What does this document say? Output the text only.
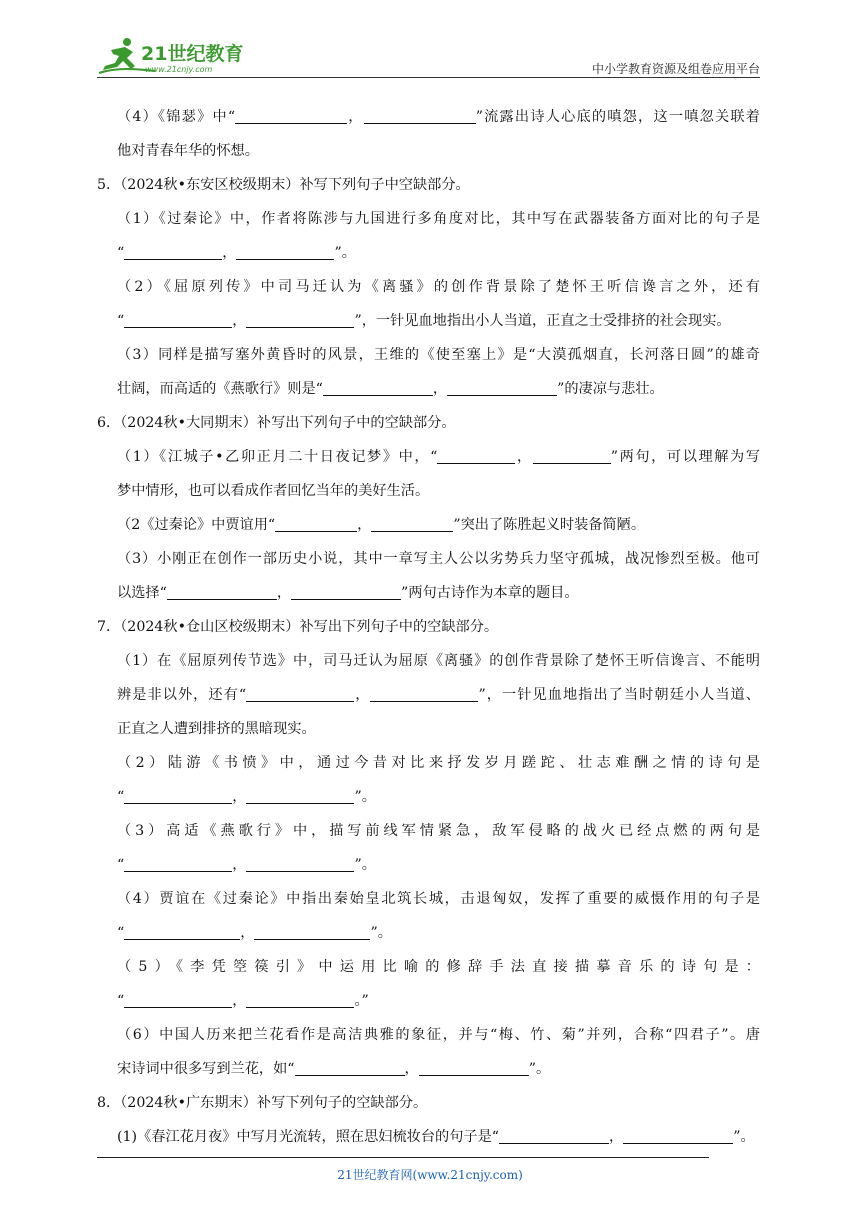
21世纪教育
www.21cnjy.com	中小学教育资源及组卷应用平台
（4）《锦瑟》中“	，	”流露出诗人心底的嗔怨，这一嗔忽关联着
他对青春年华的怀想。
5．（2024秋•东安区校级期末）补写下列句子中空缺部分。
（1）《过秦论》中，作者将陈涉与九国进行多角度对比，其中写在武器装备方面对比的句子是
“	，	”。
（2）《屈原列传》中司马迁认为《离骚》的创作背景除了楚怀王听信谗言之外，还有
“	，	”，一针见血地指出小人当道，正直之士受排挤的社会现实。
（3）同样是描写塞外黄昏时的风景，王维的《使至塞上》是“大漠孤烟直，长河落日圆”的雄奇
壮阔，而高适的《燕歌行》则是“	，	”的凄凉与悲壮。
6．（2024秋•大同期末）补写出下列句子中的空缺部分。
（1）《江城子•乙卯正月二十日夜记梦》中，“	，	”两句，可以理解为写
梦中情形，也可以看成作者回忆当年的美好生活。
（2《过秦论》中贾谊用“	，	”突出了陈胜起义时装备简陋。
（3）小刚正在创作一部历史小说，其中一章写主人公以劣势兵力坚守孤城，战况惨烈至极。他可
以选择“	，	”两句古诗作为本章的题目。
7．（2024秋•仓山区校级期末）补写出下列句子中的空缺部分。
（1）在《屈原列传节选》中，司马迁认为屈原《离骚》的创作背景除了楚怀王听信谗言、不能明
辨是非以外，还有“	，	”，一针见血地指出了当时朝廷小人当道、
正直之人遭到排挤的黑暗现实。
（2）陆游《书愤》中，通过今昔对比来抒发岁月蹉跎、壮志难酬之情的诗句是
“	，	”。
（3）高适《燕歌行》中，描写前线军情紧急，敌军侵略的战火已经点燃的两句是
“	，	”。
（4）贾谊在《过秦论》中指出秦始皇北筑长城，击退匈奴，发挥了重要的威慑作用的句子是
“	，	”。
（5）《李凭箜篌引》中运用比喻的修辞手法直接描摹音乐的诗句是：
“	，	。”
（6）中国人历来把兰花看作是高洁典雅的象征，并与“梅、竹、菊”并列，合称“四君子”。唐
宋诗词中很多写到兰花，如“	，	”。
8．（2024秋•广东期末）补写下列句子的空缺部分。
(1)《春江花月夜》中写月光流转，照在思妇梳妆台的句子是“	，	”。
21世纪教育网(www.21cnjy.com)
